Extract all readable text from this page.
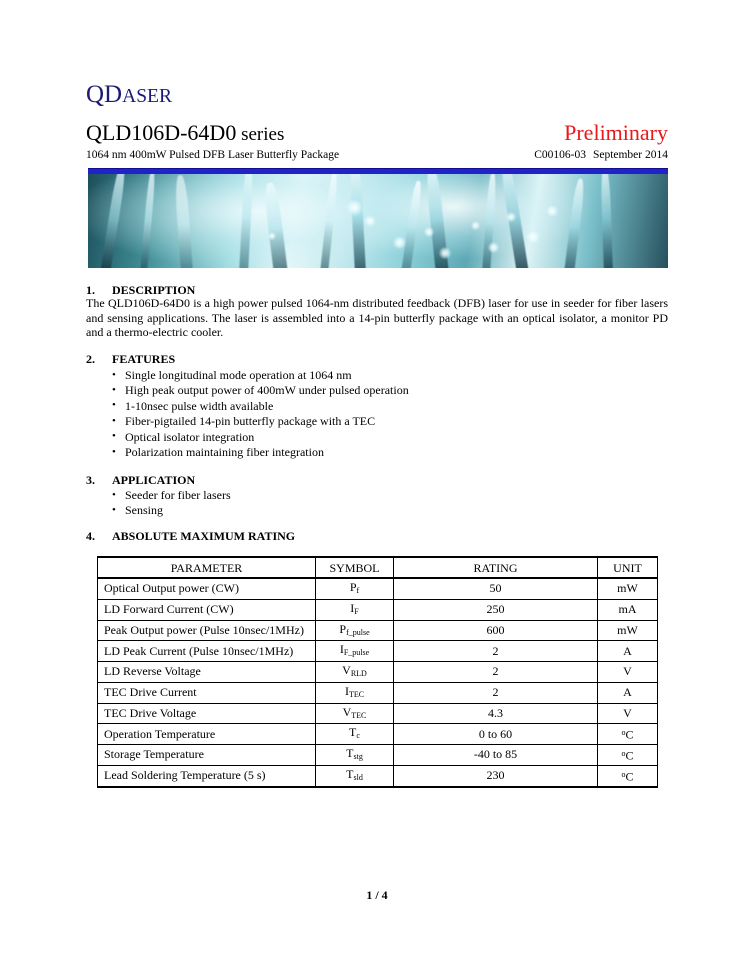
QDASER
QLD106D-64D0 series	Preliminary
1064 nm 400mW Pulsed DFB Laser Butterfly Package	C00106-03 September 2014
1. DESCRIPTION
The QLD106D-64D0 is a high power pulsed 1064-nm distributed feedback (DFB) laser for use in seeder for fiber lasers and sensing applications. The laser is assembled into a 14-pin butterfly package with an optical isolator, a monitor PD and a thermo-electric cooler.
2. FEATURES
• Single longitudinal mode operation at 1064 nm
• High peak output power of 400mW under pulsed operation
• 1-10nsec pulse width available
• Fiber-pigtailed 14-pin butterfly package with a TEC
• Optical isolator integration
• Polarization maintaining fiber integration
3. APPLICATION
• Seeder for fiber lasers
• Sensing
4. ABSOLUTE MAXIMUM RATING
PARAMETER	SYMBOL	RATING	UNIT
Optical Output power (CW)	$P_f$	50	mW
LD Forward Current (CW)	$I_F$	250	mA
Peak Output power (Pulse 10nsec/1MHz)	$P_{f\_pulse}$	600	mW
LD Peak Current (Pulse 10nsec/1MHz)	$I_{F\_pulse}$	2	A
LD Reverse Voltage	$V_{RLD}$	2	V
TEC Drive Current	$I_{TEC}$	2	A
TEC Drive Voltage	$V_{TEC}$	4.3	V
Operation Temperature	$T_c$	0 to 60	$^o$C
Storage Temperature	$T_{stg}$	-40 to 85	$^o$C
Lead Soldering Temperature (5 s)	$T_{sld}$	230	$^o$C
1 / 4
